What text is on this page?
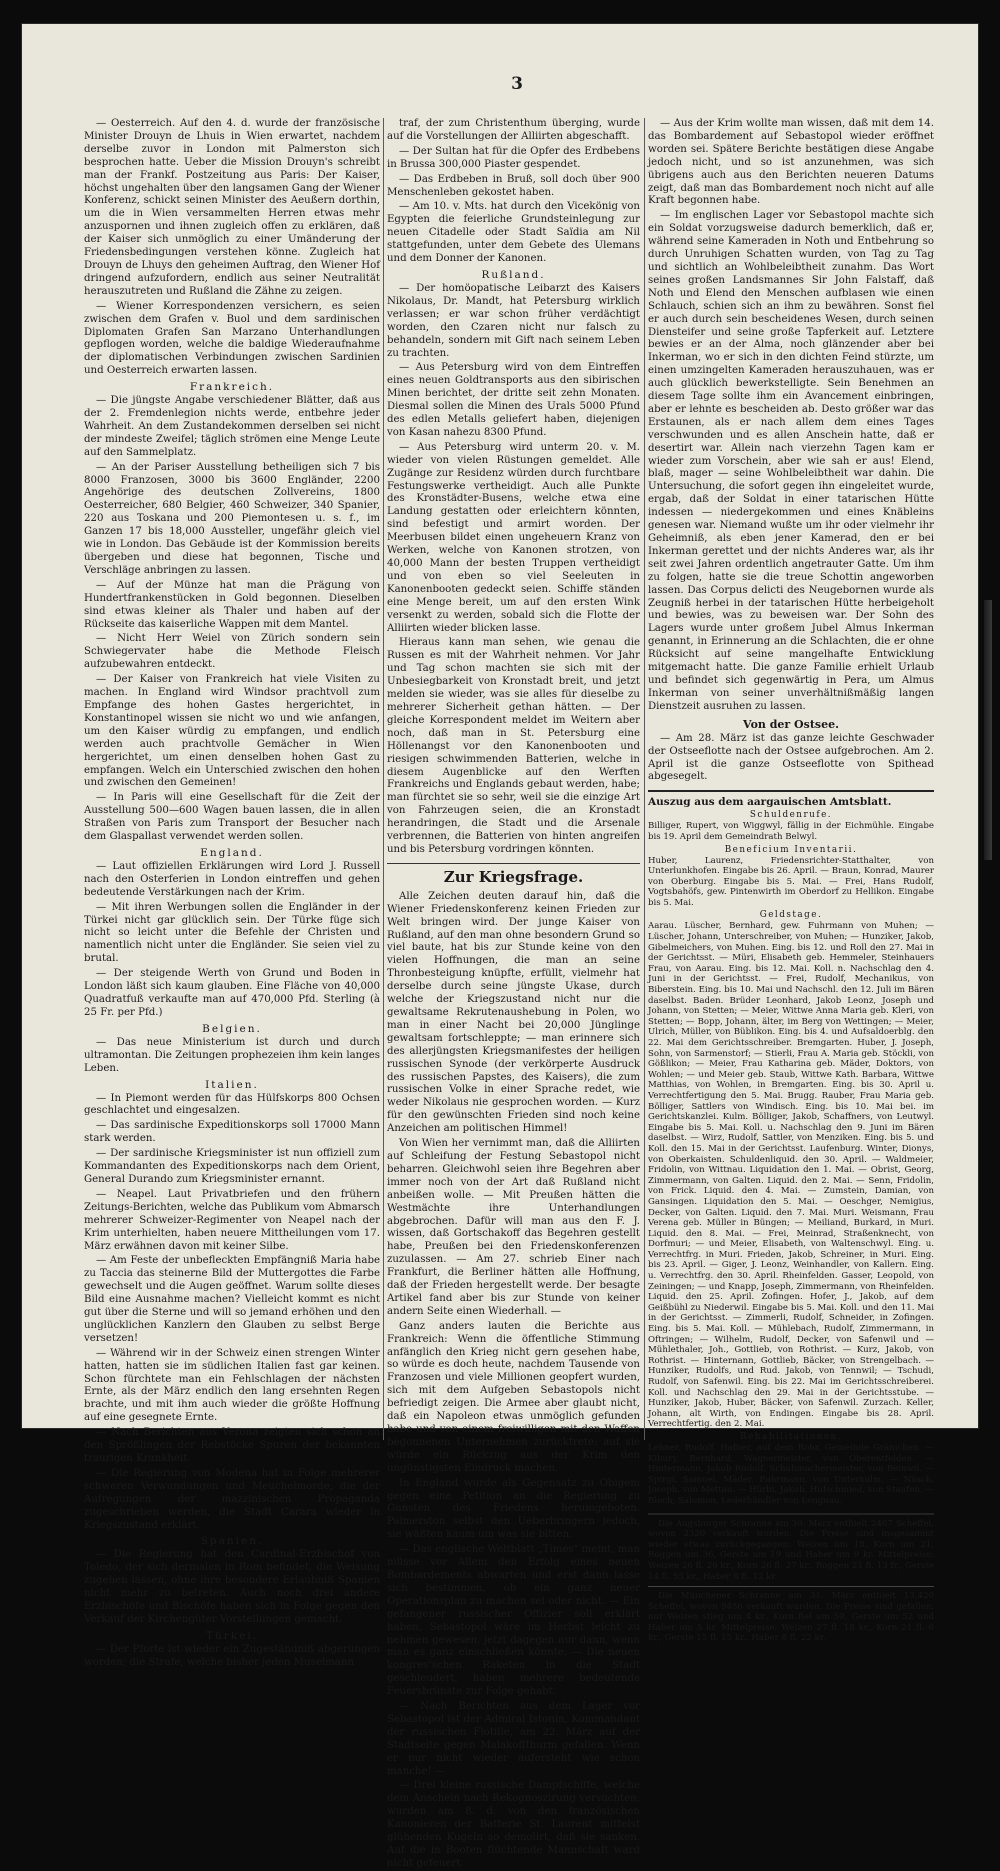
3

— Oesterreich. Auf den 4. d. wurde der französische Minister Drouyn de Lhuis in Wien erwartet, nachdem derselbe zuvor in London mit Palmerston sich besprochen hatte. Ueber die Mission Drouyn's schreibt man der Frankf. Postzeitung aus Paris: Der Kaiser, höchst ungehalten über den langsamen Gang der Wiener Konferenz, schickt seinen Minister des Aeußern dorthin, um die in Wien versammelten Herren etwas mehr anzuspornen und ihnen zugleich offen zu erklären, daß der Kaiser sich unmöglich zu einer Umänderung der Friedensbedingungen verstehen könne. Zugleich hat Drouyn de Lhuys den geheimen Auftrag, den Wiener Hof dringend aufzufordern, endlich aus seiner Neutralität herauszutreten und Rußland die Zähne zu zeigen.

— Wiener Korrespondenzen versichern, es seien zwischen dem Grafen v. Buol und dem sardinischen Diplomaten Grafen San Marzano Unterhandlungen gepflogen worden, welche die baldige Wiederaufnahme der diplomatischen Verbindungen zwischen Sardinien und Oesterreich erwarten lassen.

Frankreich.

— Die jüngste Angabe verschiedener Blätter, daß aus der 2. Fremdenlegion nichts werde, entbehre jeder Wahrheit. An dem Zustandekommen derselben sei nicht der mindeste Zweifel; täglich strömen eine Menge Leute auf den Sammelplatz.

— An der Pariser Ausstellung betheiligen sich 7 bis 8000 Franzosen, 3000 bis 3600 Engländer, 2200 Angehörige des deutschen Zollvereins, 1800 Oesterreicher, 680 Belgier, 460 Schweizer, 340 Spanier, 220 aus Toskana und 200 Piemontesen u. s. f., im Ganzen 17 bis 18,000 Aussteller, ungefähr gleich viel wie in London. Das Gebäude ist der Kommission bereits übergeben und diese hat begonnen, Tische und Verschläge anbringen zu lassen.

— Auf der Münze hat man die Prägung von Hundertfrankenstücken in Gold begonnen. Dieselben sind etwas kleiner als Thaler und haben auf der Rückseite das kaiserliche Wappen mit dem Mantel.

— Nicht Herr Weiel von Zürich sondern sein Schwiegervater habe die Methode Fleisch aufzubewahren entdeckt.

— Der Kaiser von Frankreich hat viele Visiten zu machen. In England wird Windsor prachtvoll zum Empfange des hohen Gastes hergerichtet, in Konstantinopel wissen sie nicht wo und wie anfangen, um den Kaiser würdig zu empfangen, und endlich werden auch prachtvolle Gemächer in Wien hergerichtet, um einen denselben hohen Gast zu empfangen. Welch ein Unterschied zwischen den hohen und zwischen den Gemeinen!

— In Paris will eine Gesellschaft für die Zeit der Ausstellung 500—600 Wagen bauen lassen, die in allen Straßen von Paris zum Transport der Besucher nach dem Glaspallast verwendet werden sollen.

England.

— Laut offiziellen Erklärungen wird Lord J. Russell nach den Osterferien in London eintreffen und gehen bedeutende Verstärkungen nach der Krim.

— Mit ihren Werbungen sollen die Engländer in der Türkei nicht gar glücklich sein. Der Türke füge sich nicht so leicht unter die Befehle der Christen und namentlich nicht unter die Engländer. Sie seien viel zu brutal.

— Der steigende Werth von Grund und Boden in London läßt sich kaum glauben. Eine Fläche von 40,000 Quadratfuß verkaufte man auf 470,000 Pfd. Sterling (à 25 Fr. per Pfd.)

Belgien.

— Das neue Ministerium ist durch und durch ultramontan. Die Zeitungen prophezeien ihm kein langes Leben.

Italien.

— In Piemont werden für das Hülfskorps 800 Ochsen geschlachtet und eingesalzen.

— Das sardinische Expeditionskorps soll 17000 Mann stark werden.

— Der sardinische Kriegsminister ist nun offiziell zum Kommandanten des Expeditionskorps nach dem Orient, General Durando zum Kriegsminister ernannt.

— Neapel. Laut Privatbriefen und den frühern Zeitungs-Berichten, welche das Publikum vom Abmarsch mehrerer Schweizer-Regimenter von Neapel nach der Krim unterhielten, haben neuere Mittheilungen vom 17. März erwähnen davon mit keiner Silbe.

— Am Feste der unbefleckten Empfängniß Maria habe zu Taccia das steinerne Bild der Muttergottes die Farbe gewechselt und die Augen geöffnet. Warum sollte dieses Bild eine Ausnahme machen? Vielleicht kommt es nicht gut über die Sterne und will so jemand erhöhen und den unglücklichen Kanzlern den Glauben zu selbst Berge versetzen!

— Während wir in der Schweiz einen strengen Winter hatten, hatten sie im südlichen Italien fast gar keinen. Schon fürchtete man ein Fehlschlagen der nächsten Ernte, als der März endlich den lang ersehnten Regen brachte, und mit ihm auch wieder die größte Hoffnung auf eine gesegnete Ernte.

— Nach Berichten aus Verona zeigten sich schon an den Sprößlingen der Rebstöcke Spuren der bekannten traurigen Krankheit.

— Die Regierung von Modena hat in Folge mehrerer schweren Verwundungen und Meuchelmorde, die der Aufregungen der mazzinischen Propaganda zugeschrieben werden, die Stadt Carara wieder in Kriegszustand erklärt.

Spanien.

— Die Regierung hat den Cardinal-Erzbischof von Toledo, der sich dermalen in Rom befindet, die Weisung zugehen lassen, ohne ihre besondere Erlaubniß Spanien nicht mehr zu betreten. Auch noch drei andere Erzbischöfe und Bischöfe haben sich in Folge gegen den Verkauf der Kirchengüter Vorstellungen gemacht.

Türkei.

— Der Pforte ist wieder ein Zugeständniß abgerungen worden; die Strafe, welche bisher jeden Muselmann

traf, der zum Christenthum überging, wurde auf die Vorstellungen der Alliirten abgeschafft.

— Der Sultan hat für die Opfer des Erdbebens in Brussa 300,000 Piaster gespendet.

— Das Erdbeben in Bruß, soll doch über 900 Menschenleben gekostet haben.

— Am 10. v. Mts. hat durch den Vicekönig von Egypten die feierliche Grundsteinlegung zur neuen Citadelle oder Stadt Saïdia am Nil stattgefunden, unter dem Gebete des Ulemans und dem Donner der Kanonen.

Rußland.

— Der homöopatische Leibarzt des Kaisers Nikolaus, Dr. Mandt, hat Petersburg wirklich verlassen; er war schon früher verdächtigt worden, den Czaren nicht nur falsch zu behandeln, sondern mit Gift nach seinem Leben zu trachten.

— Aus Petersburg wird von dem Eintreffen eines neuen Goldtransports aus den sibirischen Minen berichtet, der dritte seit zehn Monaten. Diesmal sollen die Minen des Urals 5000 Pfund des edlen Metalls geliefert haben, diejenigen von Kasan nahezu 8300 Pfund.

— Aus Petersburg wird unterm 20. v. M. wieder von vielen Rüstungen gemeldet. Alle Zugänge zur Residenz würden durch furchtbare Festungswerke vertheidigt. Auch alle Punkte des Kronstädter-Busens, welche etwa eine Landung gestatten oder erleichtern könnten, sind befestigt und armirt worden. Der Meerbusen bildet einen ungeheuern Kranz von Werken, welche von Kanonen strotzen, von 40,000 Mann der besten Truppen vertheidigt und von eben so viel Seeleuten in Kanonenbooten gedeckt seien. Schiffe ständen eine Menge bereit, um auf den ersten Wink versenkt zu werden, sobald sich die Flotte der Alliirten wieder blicken lasse.

Hieraus kann man sehen, wie genau die Russen es mit der Wahrheit nehmen. Vor Jahr und Tag schon machten sie sich mit der Unbesiegbarkeit von Kronstadt breit, und jetzt melden sie wieder, was sie alles für dieselbe zu mehrerer Sicherheit gethan hätten. — Der gleiche Korrespondent meldet im Weitern aber noch, daß man in St. Petersburg eine Höllenangst vor den Kanonenbooten und riesigen schwimmenden Batterien, welche in diesem Augenblicke auf den Werften Frankreichs und Englands gebaut werden, habe; man fürchtet sie so sehr, weil sie die einzige Art von Fahrzeugen seien, die an Kronstadt herandringen, die Stadt und die Arsenale verbrennen, die Batterien von hinten angreifen und bis Petersburg vordringen könnten.

Zur Kriegsfrage.

Alle Zeichen deuten darauf hin, daß die Wiener Friedenskonferenz keinen Frieden zur Welt bringen wird. Der junge Kaiser von Rußland, auf den man ohne besondern Grund so viel baute, hat bis zur Stunde keine von den vielen Hoffnungen, die man an seine Thronbesteigung knüpfte, erfüllt, vielmehr hat derselbe durch seine jüngste Ukase, durch welche der Kriegszustand nicht nur die gewaltsame Rekrutenaushebung in Polen, wo man in einer Nacht bei 20,000 Jünglinge gewaltsam fortschleppte; — man erinnere sich des allerjüngsten Kriegsmanifestes der heiligen russischen Synode (der verkörperte Ausdruck des russischen Papstes, des Kaisers), die zum russischen Volke in einer Sprache redet, wie weder Nikolaus nie gesprochen worden. — Kurz für den gewünschten Frieden sind noch keine Anzeichen am politischen Himmel!

Von Wien her vernimmt man, daß die Alliirten auf Schleifung der Festung Sebastopol nicht beharren. Gleichwohl seien ihre Begehren aber immer noch von der Art daß Rußland nicht anbeißen wolle. — Mit Preußen hätten die Westmächte ihre Unterhandlungen abgebrochen. Dafür will man aus den F. J. wissen, daß Gortschakoff das Begehren gestellt habe, Preußen bei den Friedenskonferenzen zuzulassen. — Am 27. schrieb Einer nach Frankfurt, die Berliner hätten alle Hoffnung, daß der Frieden hergestellt werde. Der besagte Artikel fand aber bis zur Stunde von keiner andern Seite einen Wiederhall. —

Ganz anders lauten die Berichte aus Frankreich: Wenn die öffentliche Stimmung anfänglich den Krieg nicht gern gesehen habe, so würde es doch heute, nachdem Tausende von Franzosen und viele Millionen geopfert wurden, sich mit dem Aufgeben Sebastopols nicht befriedigt zeigen. Die Armee aber glaubt nicht, daß ein Napoleon etwas unmöglich gefunden habe und von einem freiwilligen mit den Waffen begonnenen Unternehmen zurücktrete: auf sie würde ein Rückzug aus der Krim den ungünstigsten Eindruck machen.

In England wurde als Gegensatz zu Obigem gegen eine Petition an die Regierung zu Gunsten des Friedens herumgeboten. Palmerston selbst den Ueberbringern jedoch, sie wäßten kaum um was sie bitten.

— Das englische Weltblatt „Times" meint, man müsse vor Allem den Erfolg eines neuen Bombardements abwarten und erst dann lasse sich bestimmen, ob ein ganz neuer Operationsplan zu machen sei oder nicht. — Ein gefangener russischer Offizier soll erklärt haben, Sebastopol wäre im Herbst leicht zu nehmen gewesen, jetzt dagegen nur dann, wenn man es ganz einschließen könnte. — Die neuen kongrev'schen Raketen in die Stadt geschleudert, haben mehrere bedeutende Feuersbrünste zur Folge gehabt.

— Nach Berichten aus dem Lager vor Sebastopol ist der Admiral Istonin, Kommandant der russischen Flotille, am 22. März auf der Stadtseite gegen Malakoffthurm gefallen. Wenn er nur nicht wieder aufersteht wie schon manche! —

— Drei kleine russische Dampfschiffe, welche dem Anschein nach Rekognoszirung versuchten, wurden am 8. d. von den französischen Kanonieren der Batterie St. Laurent mittelst glühenden Kugeln so demolirt, daß sie sanken. Auf die in Booten flüchtende Mannschaft ward nicht gefeuert.

— Aus der Krim wollte man wissen, daß mit dem 14. das Bombardement auf Sebastopol wieder eröffnet worden sei. Spätere Berichte bestätigen diese Angabe jedoch nicht, und so ist anzunehmen, was sich übrigens auch aus den Berichten neueren Datums zeigt, daß man das Bombardement noch nicht auf alle Kraft begonnen habe.

— Im englischen Lager vor Sebastopol machte sich ein Soldat vorzugsweise dadurch bemerklich, daß er, während seine Kameraden in Noth und Entbehrung so durch Unruhigen Schatten wurden, von Tag zu Tag und sichtlich an Wohlbeleibtheit zunahm. Das Wort seines großen Landsmannes Sir John Falstaff, daß Noth und Elend den Menschen aufblasen wie einen Schlauch, schien sich an ihm zu bewähren. Sonst fiel er auch durch sein bescheidenes Wesen, durch seinen Diensteifer und seine große Tapferkeit auf. Letztere bewies er an der Alma, noch glänzender aber bei Inkerman, wo er sich in den dichten Feind stürzte, um einen umzingelten Kameraden herauszuhauen, was er auch glücklich bewerkstelligte. Sein Benehmen an diesem Tage sollte ihm ein Avancement einbringen, aber er lehnte es bescheiden ab. Desto größer war das Erstaunen, als er nach allem dem eines Tages verschwunden und es allen Anschein hatte, daß er desertirt war. Allein nach vierzehn Tagen kam er wieder zum Vorschein, aber wie sah er aus! Elend, blaß, mager — seine Wohlbeleibtheit war dahin. Die Untersuchung, die sofort gegen ihn eingeleitet wurde, ergab, daß der Soldat in einer tatarischen Hütte indessen — niedergekommen und eines Knäbleins genesen war. Niemand wußte um ihr oder vielmehr ihr Geheimniß, als eben jener Kamerad, den er bei Inkerman gerettet und der nichts Anderes war, als ihr seit zwei Jahren ordentlich angetrauter Gatte. Um ihm zu folgen, hatte sie die treue Schottin angeworben lassen. Das Corpus delicti des Neugebornen wurde als Zeugniß herbei in der tatarischen Hütte herbeigeholt und bewies, was zu beweisen war. Der Sohn des Lagers wurde unter großem Jubel Almus Inkerman genannt, in Erinnerung an die Schlachten, die er ohne Rücksicht auf seine mangelhafte Entwicklung mitgemacht hatte. Die ganze Familie erhielt Urlaub und befindet sich gegenwärtig in Pera, um Almus Inkerman von seiner unverhältnißmäßig langen Dienstzeit ausruhen zu lassen.

Von der Ostsee.

— Am 28. März ist das ganze leichte Geschwader der Ostseeflotte nach der Ostsee aufgebrochen. Am 2. April ist die ganze Ostseeflotte von Spithead abgesegelt.

Auszug aus dem aargauischen Amtsblatt.
Schuldenrufe.

Billiger, Rupert, von Wiggwyl, fällig in der Eichmühle. Eingabe bis 19. April dem Gemeindrath Belwyl.

Beneficium Inventarii.

Huber, Laurenz, Friedensrichter-Statthalter, von Unterlunkhofen. Eingabe bis 26. April. — Braun, Konrad, Maurer von Oberburg. Eingabe bis 5. Mai. — Frei, Hans Rudolf, Vogtsbahöfs, gew. Pintenwirth im Oberdorf zu Hellikon. Eingabe bis 5. Mai.

Geldstage.

Aarau. Lüscher, Bernhard, gew. Fuhrmann von Muhen; — Lüscher, Johann, Unterschreiber, von Muhen; — Hunziker, Jakob, Gibelmeichers, von Muhen. Eing. bis 12. und Roll den 27. Mai in der Gerichtsst. — Müri, Elisabeth geb. Hemmeler, Steinhauers Frau, von Aarau. Eing. bis 12. Mai. Koll. n. Nachschlag den 4. Juni in der Gerichtsst. — Frei, Rudolf, Mechanikus, von Biberstein. Eing. bis 10. Mai und Nachschl. den 12. Juli im Bären daselbst. Baden. Brüder Leonhard, Jakob Leonz, Joseph und Johann, von Stetten; — Meier, Wittwe Anna Maria geb. Kleri, von Stetten; — Bopp, Johann, älter, im Berg von Wettingen; — Meier, Ulrich, Müller, von Büblikon. Eing. bis 4. und Aufsaldoerblg. den 22. Mai dem Gerichtsschreiber. Bremgarten. Huber, J. Joseph, Sohn, von Sarmenstorf; — Stierli, Frau A. Maria geb. Stöckli, von Gößlikon; — Meier, Frau Katharina geb. Mäder, Doktors, von Wohlen; — und Meier geb. Staub, Wittwe Kath. Barbara, Wittwe Matthias, von Wohlen, in Bremgarten. Eing. bis 30. April u. Verrechtfertigung den 5. Mai. Brugg. Rauber, Frau Maria geb. Bölliger, Sattlers von Windisch. Eing. bis 10. Mai bei. im Gerichtskanzlei. Kulm. Bölliger, Jakob, Schaffners, von Leutwyl. Eingabe bis 5. Mai. Koll. u. Nachschlag den 9. Juni im Bären daselbst. — Wirz, Rudolf, Sattler, von Menziken. Eing. bis 5. und Koll. den 15. Mai in der Gerichtsst. Laufenburg. Winter, Dionys, von Oberkaisten. Schuldenliquid. den 30. April. — Waldmeier, Fridolin, von Wittnau. Liquidation den 1. Mai. — Obrist, Georg, Zimmermann, von Galten. Liquid. den 2. Mai. — Senn, Fridolin, von Frick. Liquid. den 4. Mai. — Zumstein, Damian, von Gansingen. Liquidation den 5. Mai. — Oeschger, Nemigius, Decker, von Galten. Liquid. den 7. Mai. Muri. Weismann, Frau Verena geb. Müller in Büngen; — Meiliand, Burkard, in Muri. Liquid. den 8. Mai. — Frei, Meinrad, Straßenknecht, von Dorfmuri; — und Meier, Elisabeth, von Waltenschwyl. Eing. u. Verrechtfrg. in Muri. Frieden, Jakob, Schreiner, in Muri. Eing. bis 23. April. — Giger, J. Leonz, Weinhandler, von Kallern. Eing. u. Verrechtfrg. den 30. April. Rheinfelden. Gasser, Leopold, von Zeiningen; — und Knapp, Joseph, Zimmermann, von Rheinfelden. Liquid. den 25. April. Zofingen. Hofer, J., Jakob, auf dem Geißbühl zu Niederwil. Eingabe bis 5. Mai. Koll. und den 11. Mai in der Gerichtsst. — Zimmerli, Rudolf, Schneider, in Zofingen. Eing. bis 5. Mai. Koll. — Mühlebach, Rudolf, Zimmermann, in Oftringen; — Wilhelm, Rudolf, Decker, von Safenwil und — Mühlethaler, Joh., Gottlieb, von Rothrist. — Kurz, Jakob, von Rothrist. — Hinternann, Gottlieb, Bäcker, von Strengelbach. — Hunziker, Rudolfs, und Rud. Jakob, von Tennwil; — Tschudi, Rudolf, von Safenwil. Eing. bis 22. Mai im Gerichtsschreiberei. Koll. und Nachschlag den 29. Mai in der Gerichtsstube. — Hunziker, Jakob, Huber, Bäcker, von Safenwil. Zurzach. Keller, Johann, alt Wirth, von Endingen. Eingabe bis 28. April. Verrechtfertig. den 2. Mai.

Rehabilitationen.

Lehner, Rudolf, Hafner, auf dem Rohr, Gemeinde Gränichen. — Kibury, Bernhard, Wagnermeister, von Oberentfelden. — Hintermann, Jakob Rudolf, Schuhmachermeister, von Beinwil. — Spirgi, Samuel, Mäder, Fuhrmann, von Unterkulm. — Nüsch, Joseph, von Mettau. — Hürbi, Jakob, Hufschmied, von Staufen. — Bloch, Salomon, Lederhändler von Lengnau.

Die Augsburger Schranne am 30. März enthielt 2467 Scheffel, wovon 2320 verkauft wurden. Die Preise sind insgesammt wieder etwas zurückgegangen: Weizen um 18, Korn um 21, Roggen um 36, Gerste um 19 und Haber um 9 kr. Mittelpreise: Weizen 26 fl. 20 kr., Korn 26 fl. 27 kr., Roggen 21 fl. 13 fr., Gerste 14 fl. 55 kr., Haber 8 fl. 12 kr.

Die Münchener Schranne am 31. März enthielt 13,420 Scheffel, wovon 9456 verkauft wurden. Die Preise sind gefallen, nur Weizen stieg um 4 kr., Korn fiel um 59, Gerste um 52 und Haber um 5 kr. Mittelpreise: Weizen 27 fl. 18 kr., Korn 21 fl. 6 kr., Gerste 15 fl. 15 kr., Haber 8 fl. 22 kr.
